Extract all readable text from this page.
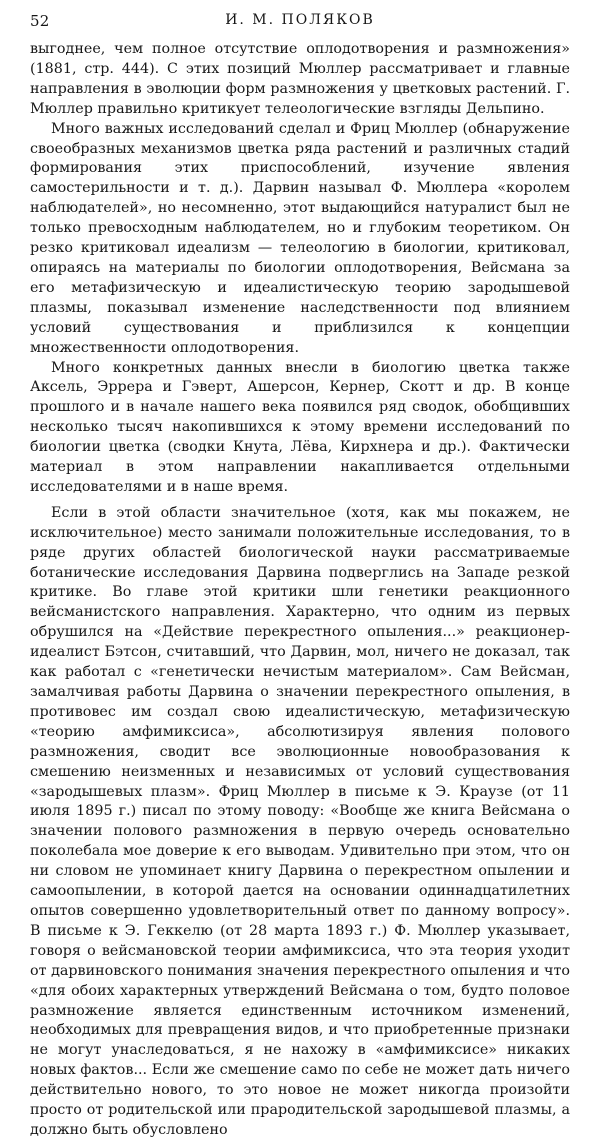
52	И. М. ПОЛЯКОВ

выгоднее, чем полное отсутствие оплодотворения и размножения» (1881, стр. 444). С этих позиций Мюллер рассматривает и главные направления в эволюции форм размножения у цветковых растений. Г. Мюллер правильно критикует телеологические взгляды Дельпино.

Много важных исследований сделал и Фриц Мюллер (обнаружение своеобразных механизмов цветка ряда растений и различных стадий формирования этих приспособлений, изучение явления самостерильности и т. д.). Дарвин называл Ф. Мюллера «королем наблюдателей», но несомненно, этот выдающийся натуралист был не только превосходным наблюдателем, но и глубоким теоретиком. Он резко критиковал идеализм — телеологию в биологии, критиковал, опираясь на материалы по биологии оплодотворения, Вейсмана за его метафизическую и идеалистическую теорию зародышевой плазмы, показывал изменение наследственности под влиянием условий существования и приблизился к концепции множественности оплодотворения.

Много конкретных данных внесли в биологию цветка также Аксель, Эррера и Гэверт, Ашерсон, Кернер, Скотт и др. В конце прошлого и в начале нашего века появился ряд сводок, обобщивших несколько тысяч накопившихся к этому времени исследований по биологии цветка (сводки Кнута, Лёва, Кирхнера и др.). Фактически материал в этом направлении накапливается отдельными исследователями и в наше время.

Если в этой области значительное (хотя, как мы покажем, не исключительное) место занимали положительные исследования, то в ряде других областей биологической науки рассматриваемые ботанические исследования Дарвина подверглись на Западе резкой критике. Во главе этой критики шли генетики реакционного вейсманистского направления. Характерно, что одним из первых обрушился на «Действие перекрестного опыления...» реакционер-идеалист Бэтсон, считавший, что Дарвин, мол, ничего не доказал, так как работал с «генетически нечистым материалом». Сам Вейсман, замалчивая работы Дарвина о значении перекрестного опыления, в противовес им создал свою идеалистическую, метафизическую «теорию амфимиксиса», абсолютизируя явления полового размножения, сводит все эволюционные новообразования к смешению неизменных и независимых от условий существования «зародышевых плазм». Фриц Мюллер в письме к Э. Краузе (от 11 июля 1895 г.) писал по этому поводу: «Вообще же книга Вейсмана о значении полового размножения в первую очередь основательно поколебала мое доверие к его выводам. Удивительно при этом, что он ни словом не упоминает книгу Дарвина о перекрестном опылении и самоопылении, в которой дается на основании одиннадцатилетних опытов совершенно удовлетворительный ответ по данному вопросу». В письме к Э. Геккелю (от 28 марта 1893 г.) Ф. Мюллер указывает, говоря о вейсмановской теории амфимиксиса, что эта теория уходит от дарвиновского понимания значения перекрестного опыления и что «для обоих характерных утверждений Вейсмана о том, будто половое размножение является единственным источником изменений, необходимых для превращения видов, и что приобретенные признаки не могут унаследоваться, я не нахожу в «амфимиксисе» никаких новых фактов... Если же смешение само по себе не может дать ничего действительно нового, то это новое не может никогда произойти просто от родительской или прародительской зародышевой плазмы, а должно быть обусловлено
